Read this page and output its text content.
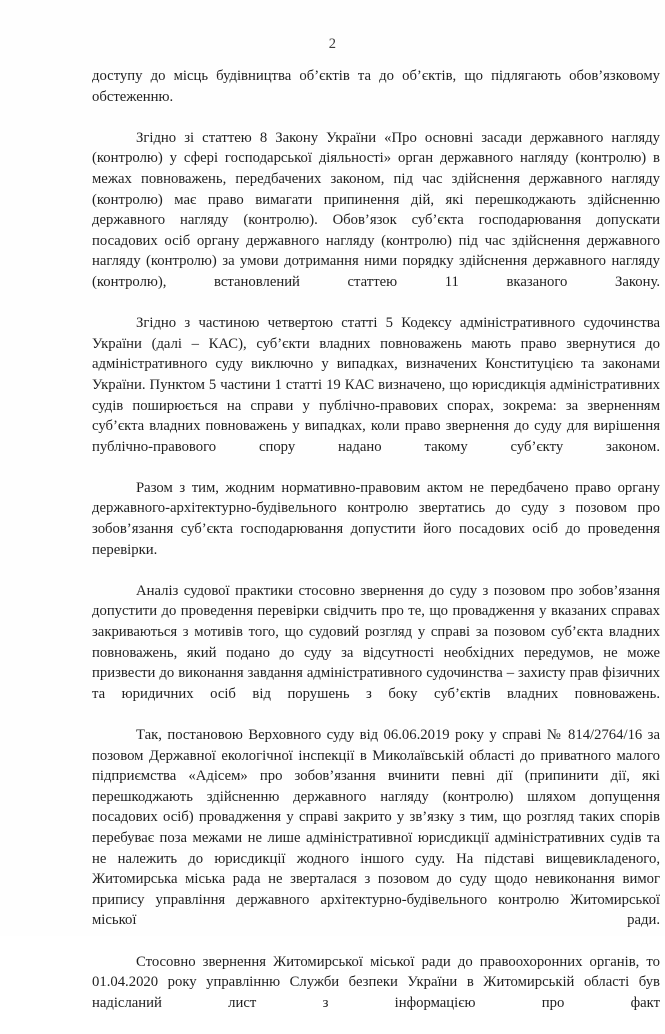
2

доступу до місць будівництва об’єктів та до об’єктів, що підлягають обов’язковому обстеженню.

Згідно зі статтею 8 Закону України «Про основні засади державного нагляду (контролю) у сфері господарської діяльності» орган державного нагляду (контролю) в межах повноважень, передбачених законом, під час здійснення державного нагляду (контролю) має право вимагати припинення дій, які перешкоджають здійсненню державного нагляду (контролю). Обов’язок суб’єкта господарювання допускати посадових осіб органу державного нагляду (контролю) під час здійснення державного нагляду (контролю) за умови дотримання ними порядку здійснення державного нагляду (контролю), встановлений статтею 11 вказаного Закону.

Згідно з частиною четвертою статті 5 Кодексу адміністративного судочинства України (далі – КАС), суб’єкти владних повноважень мають право звернутися до адміністративного суду виключно у випадках, визначених Конституцією та законами України. Пунктом 5 частини 1 статті 19 КАС визначено, що юрисдикція адміністративних судів поширюється на справи у публічно-правових спорах, зокрема: за зверненням суб’єкта владних повноважень у випадках, коли право звернення до суду для вирішення публічно-правового спору надано такому суб’єкту законом.

Разом з тим, жодним нормативно-правовим актом не передбачено право органу державного-архітектурно-будівельного контролю звертатись до суду з позовом про зобов’язання суб’єкта господарювання допустити його посадових осіб до проведення перевірки.

Аналіз судової практики стосовно звернення до суду з позовом про зобов’язання допустити до проведення перевірки свідчить про те, що провадження у вказаних справах закриваються з мотивів того, що судовий розгляд у справі за позовом суб’єкта владних повноважень, який подано до суду за відсутності необхідних передумов, не може призвести до виконання завдання адміністративного судочинства – захисту прав фізичних та юридичних осіб від порушень з боку суб’єктів владних повноважень.

Так, постановою Верховного суду від 06.06.2019 року у справі № 814/2764/16 за позовом Державної екологічної інспекції в Миколаївській області до приватного малого підприємства «Адісем» про зобов’язання вчинити певні дії (припинити дії, які перешкоджають здійсненню державного нагляду (контролю) шляхом допущення посадових осіб) провадження у справі закрито у зв’язку з тим, що розгляд таких спорів перебуває поза межами не лише адміністративної юрисдикції адміністративних судів та не належить до юрисдикції жодного іншого суду. На підставі вищевикладеного, Житомирська міська рада не зверталася з позовом до суду щодо невиконання вимог припису управління державного архітектурно-будівельного контролю Житомирської міської ради.

Стосовно звернення Житомирської міської ради до правоохоронних органів, то 01.04.2020 року управлінню Служби безпеки України в Житомирській області був надісланий лист з інформацією про факт
